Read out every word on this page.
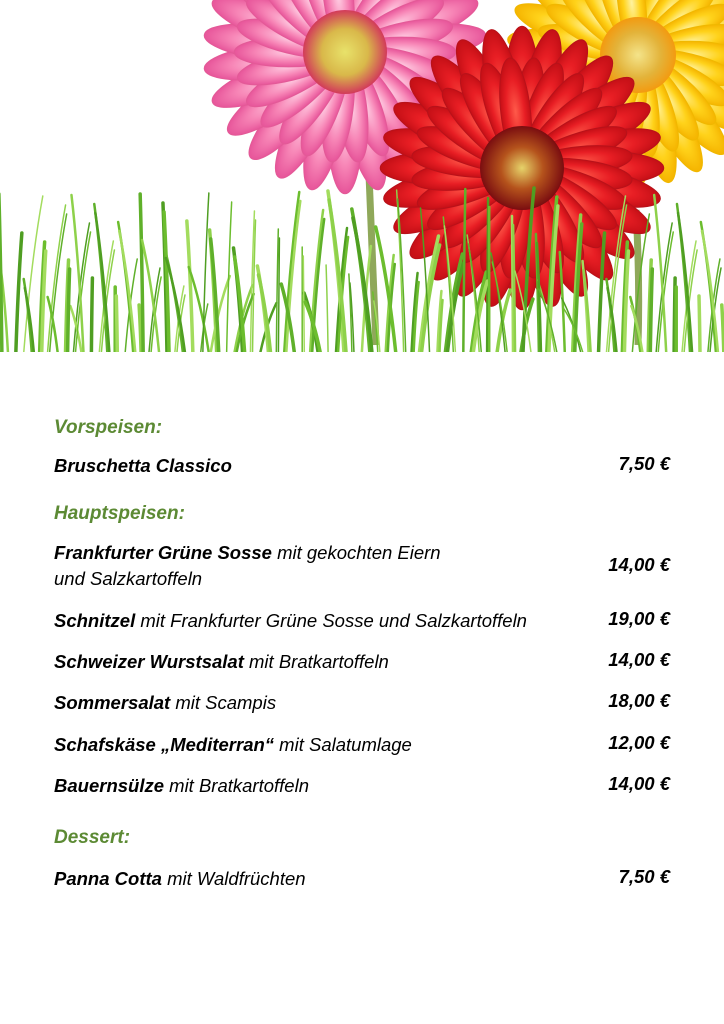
Vorspeisen:
Bruschetta Classico	7,50 €
Hauptspeisen:
Frankfurter Grüne Sosse mit gekochten Eiern
und Salzkartoffeln
14,00 €
Schnitzel mit Frankfurter Grüne Sosse und Salzkartoffeln	19,00 €
Schweizer Wurstsalat mit Bratkartoffeln	14,00 €
Sommersalat mit Scampis	18,00 €
Schafskäse „Mediterran“ mit Salatumlage	12,00 €
Bauernsülze mit Bratkartoffeln	14,00 €
Dessert:
Panna Cotta mit Waldfrüchten	7,50 €
